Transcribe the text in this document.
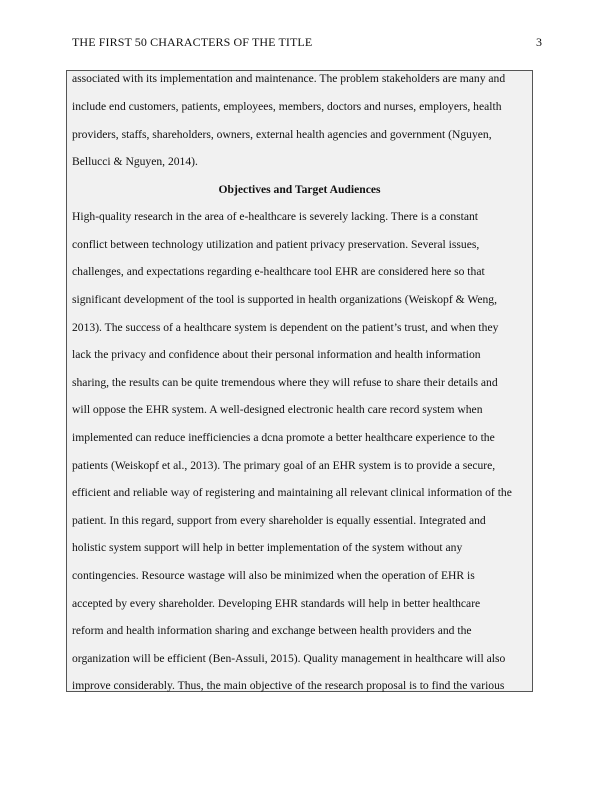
THE FIRST 50 CHARACTERS OF THE TITLE	3
associated with its implementation and maintenance. The problem stakeholders are many and
include end customers, patients, employees, members, doctors and nurses, employers, health
providers, staffs, shareholders, owners, external health agencies and government (Nguyen,
Bellucci & Nguyen, 2014).
Objectives and Target Audiences
High-quality research in the area of e-healthcare is severely lacking. There is a constant
conflict between technology utilization and patient privacy preservation. Several issues,
challenges, and expectations regarding e-healthcare tool EHR are considered here so that
significant development of the tool is supported in health organizations (Weiskopf & Weng,
2013). The success of a healthcare system is dependent on the patient’s trust, and when they
lack the privacy and confidence about their personal information and health information
sharing, the results can be quite tremendous where they will refuse to share their details and
will oppose the EHR system. A well-designed electronic health care record system when
implemented can reduce inefficiencies a dcna promote a better healthcare experience to the
patients (Weiskopf et al., 2013). The primary goal of an EHR system is to provide a secure,
efficient and reliable way of registering and maintaining all relevant clinical information of the
patient. In this regard, support from every shareholder is equally essential. Integrated and
holistic system support will help in better implementation of the system without any
contingencies. Resource wastage will also be minimized when the operation of EHR is
accepted by every shareholder. Developing EHR standards will help in better healthcare
reform and health information sharing and exchange between health providers and the
organization will be efficient (Ben-Assuli, 2015). Quality management in healthcare will also
improve considerably. Thus, the main objective of the research proposal is to find the various
